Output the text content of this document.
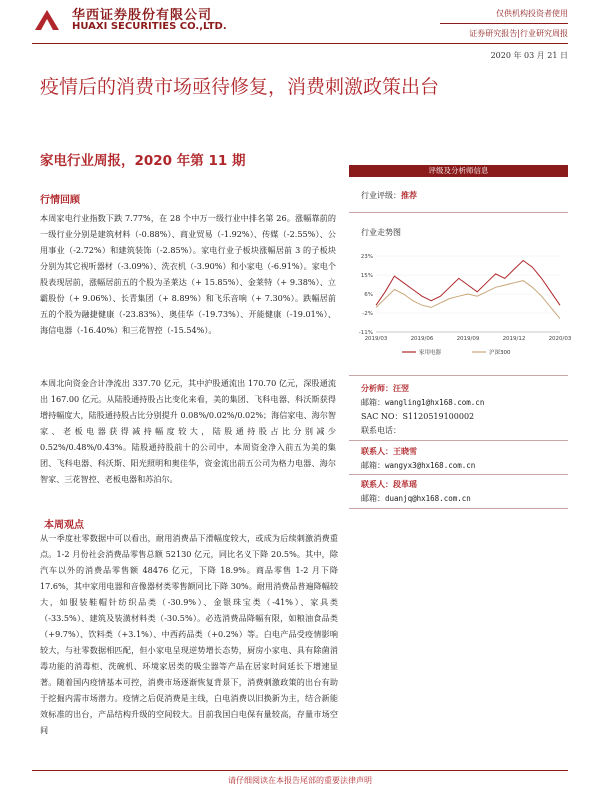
华西证券股份有限公司
HUAXI SECURITIES CO.,LTD.
仅供机构投资者使用
证券研究报告|行业研究周报
2020 年 03 月 21 日
疫情后的消费市场亟待修复，消费刺激政策出台
家电行业周报，2020 年第 11 期
行情回顾
本周家电行业指数下跌 7.77%，在 28 个中万一级行业中排名第 26。涨幅靠前的一级行业分别是建筑材料（-0.88%）、商业贸易（-1.92%）、传媒（-2.55%）、公用事业（-2.72%）和建筑装饰（-2.85%）。家电行业子板块涨幅居前 3 的子板块分别为其它视听器材（-3.09%）、洗衣机（-3.90%）和小家电（-6.91%）。家电个股表现居前，涨幅居前五的个股为圣莱达（+ 15.85%）、金莱特（+ 9.38%）、立霸股份（+ 9.06%）、长青集团（+ 8.89%）和飞乐音响（+ 7.30%）。跌幅居前五的个股为融捷健康（-23.83%）、奥佳华（-19.73%）、开能健康（-19.01%）、海信电器（-16.40%）和三花智控（-15.54%）。
本周北向资金合计净流出 337.70 亿元，其中沪股通流出 170.70 亿元，深股通流出 167.00 亿元。从陆股通持股占比变化来看，美的集团、飞科电器、科沃斯获得增持幅度大，陆股通持股占比分别提升 0.08%/0.02%/0.02%；海信家电、海尔智家、老板电器获得减持幅度较大，陆股通持股占比分别减少 0.52%/0.48%/0.43%。陆股通持股前十的公司中，本周资金净入前五为美的集团、飞科电器、科沃斯、阳光照明和奥佳华，资金流出前五公司为格力电器、海尔智家、三花智控、老板电器和苏泊尔。
本周观点
从一季度社零数据中可以看出，耐用消费品下滑幅度较大，或成为后续刺激消费重点。1-2 月份社会消费品零售总额 52130 亿元，同比名义下降 20.5%。其中，除汽车以外的消费品零售额 48476 亿元，下降 18.9%。商品零售 1-2 月下降 17.6%，其中家用电器和音像器材类零售额同比下降 30%。耐用消费品普遍降幅较大，如服装鞋帽针纺织品类（-30.9%）、金银珠宝类（-41%）、家具类（-33.5%）、建筑及装潢材料类（-30.5%）。必选消费品降幅有限，如粮油食品类（+9.7%）、饮料类（+3.1%）、中西药品类（+0.2%）等。白电产品受疫情影响较大，与社零数据相匹配，但小家电呈现逆势增长态势，厨房小家电、具有除菌消毒功能的消毒柜、洗碗机、环境家居类的吸尘器等产品在居家时间延长下增速显著。随着国内疫情基本可控，消费市场逐渐恢复背景下，消费刺激政策的出台有助于挖掘内需市场潜力。疫情之后促消费是主线，白电消费以旧换新为主，结合新能效标准的出台，产品结构升级的空间较大。目前我国白电保有量较高，存量市场空间
评级及分析师信息
行业评级：推荐
行业走势图
23%
15%
6%
-2%
-11%
2019/03	2019/06	2019/09	2019/12	2020/03
家用电器	沪深300
分析师：汪翌
邮箱：wangling1@hx168.com.cn
SAC NO：S1120519100002
联系电话：
联系人：王晓雪
邮箱：wangyx3@hx168.com.cn
联系人：段革瑶
邮箱：duanjq@hx168.com.cn
请仔细阅读在本报告尾部的重要法律声明
